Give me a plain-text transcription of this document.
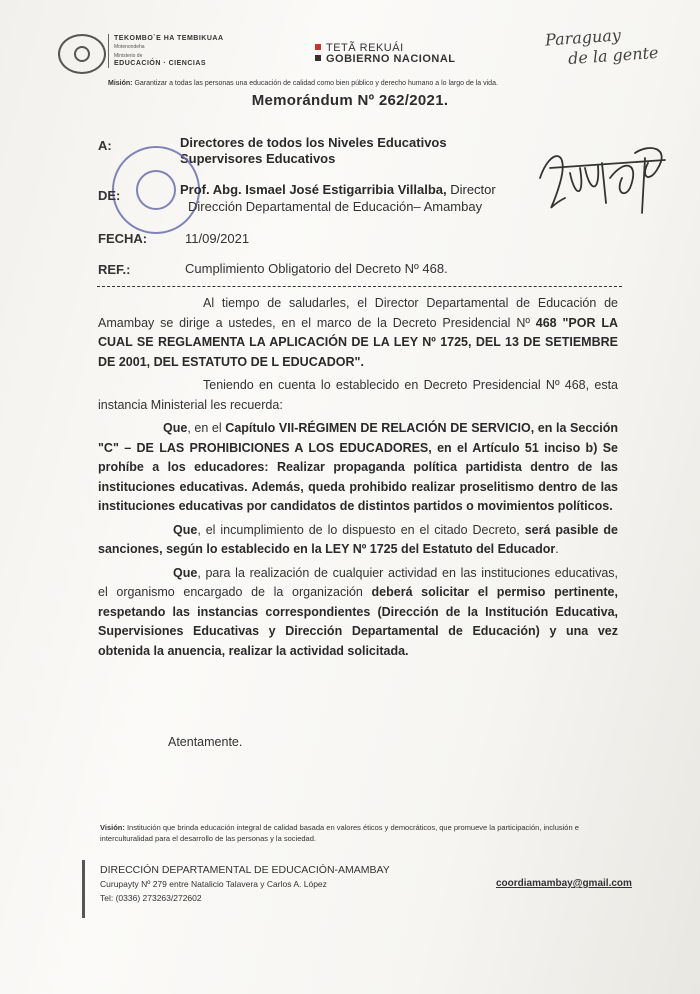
TEKOMBO`E HA TEMBIKUAA
Motenondeha
Ministerio de
EDUCACIÓN · CIENCIAS
TETÃ REKUÁI
GOBIERNO NACIONAL
Paraguay
de la gente
Misión: Garantizar a todas las personas una educación de calidad como bien público y derecho humano a lo largo de la vida.
Memorándum Nº 262/2021.
A:	Directores de todos los Niveles Educativos
Supervisores Educativos
DE:	Prof. Abg. Ismael José Estigarribia Villalba, Director
Dirección Departamental de Educación– Amambay
FECHA:	11/09/2021
REF.:	Cumplimiento Obligatorio del Decreto Nº 468.

Al tiempo de saludarles, el Director Departamental de Educación de Amambay se dirige a ustedes, en el marco de la Decreto Presidencial Nº 468 "POR LA CUAL SE REGLAMENTA LA APLICACIÓN DE LA LEY Nº 1725, DEL 13 DE SETIEMBRE DE 2001, DEL ESTATUTO DE L EDUCADOR".

Teniendo en cuenta lo establecido en Decreto Presidencial Nº 468, esta instancia Ministerial les recuerda:

Que, en el Capítulo VII-RÉGIMEN DE RELACIÓN DE SERVICIO, en la Sección "C" – DE LAS PROHIBICIONES A LOS EDUCADORES, en el Artículo 51 inciso b) Se prohíbe a los educadores: Realizar propaganda política partidista dentro de las instituciones educativas. Además, queda prohibido realizar proselitismo dentro de las instituciones educativas por candidatos de distintos partidos o movimientos políticos.

Que, el incumplimiento de lo dispuesto en el citado Decreto, será pasible de sanciones, según lo establecido en la LEY Nº 1725 del Estatuto del Educador.

Que, para la realización de cualquier actividad en las instituciones educativas, el organismo encargado de la organización deberá solicitar el permiso pertinente, respetando las instancias correspondientes (Dirección de la Institución Educativa, Supervisiones Educativas y Dirección Departamental de Educación) y una vez obtenida la anuencia, realizar la actividad solicitada.

Atentamente.
Visión: Institución que brinda educación integral de calidad basada en valores éticos y democráticos, que promueve la participación, inclusión e interculturalidad para el desarrollo de las personas y la sociedad.
DIRECCIÓN DEPARTAMENTAL DE EDUCACIÓN-AMAMBAY
Curupayty Nº 279 entre Natalicio Talavera y Carlos A. López
Tel: (0336) 273263/272602
coordiamambay@gmail.com
